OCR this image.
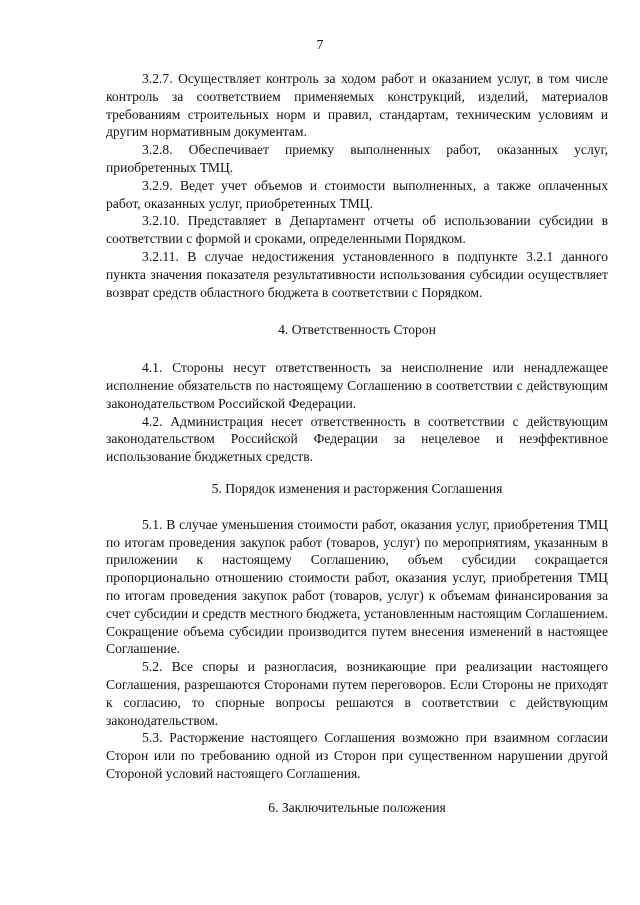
7

3.2.7. Осуществляет контроль за ходом работ и оказанием услуг, в том числе контроль за соответствием применяемых конструкций, изделий, материалов требованиям строительных норм и правил, стандартам, техническим условиям и другим нормативным документам.

3.2.8. Обеспечивает приемку выполненных работ, оказанных услуг, приобретенных ТМЦ.

3.2.9. Ведет учет объемов и стоимости выполненных, а также оплаченных работ, оказанных услуг, приобретенных ТМЦ.

3.2.10. Представляет в Департамент отчеты об использовании субсидии в соответствии с формой и сроками, определенными Порядком.

3.2.11. В случае недостижения установленного в подпункте 3.2.1 данного пункта значения показателя результативности использования субсидии осуществляет возврат средств областного бюджета в соответствии с Порядком.

4. Ответственность Сторон

4.1. Стороны несут ответственность за неисполнение или ненадлежащее исполнение обязательств по настоящему Соглашению в соответствии с действующим законодательством Российской Федерации.

4.2. Администрация несет ответственность в соответствии с действующим законодательством Российской Федерации за нецелевое и неэффективное использование бюджетных средств.

5. Порядок изменения и расторжения Соглашения

5.1. В случае уменьшения стоимости работ, оказания услуг, приобретения ТМЦ по итогам проведения закупок работ (товаров, услуг) по мероприятиям, указанным в приложении к настоящему Соглашению, объем субсидии сокращается пропорционально отношению стоимости работ, оказания услуг, приобретения ТМЦ по итогам проведения закупок работ (товаров, услуг) к объемам финансирования за счет субсидии и средств местного бюджета, установленным настоящим Соглашением. Сокращение объема субсидии производится путем внесения изменений в настоящее Соглашение.

5.2. Все споры и разногласия, возникающие при реализации настоящего Соглашения, разрешаются Сторонами путем переговоров. Если Стороны не приходят к согласию, то спорные вопросы решаются в соответствии с действующим законодательством.

5.3. Расторжение настоящего Соглашения возможно при взаимном согласии Сторон или по требованию одной из Сторон при существенном нарушении другой Стороной условий настоящего Соглашения.

6. Заключительные положения
